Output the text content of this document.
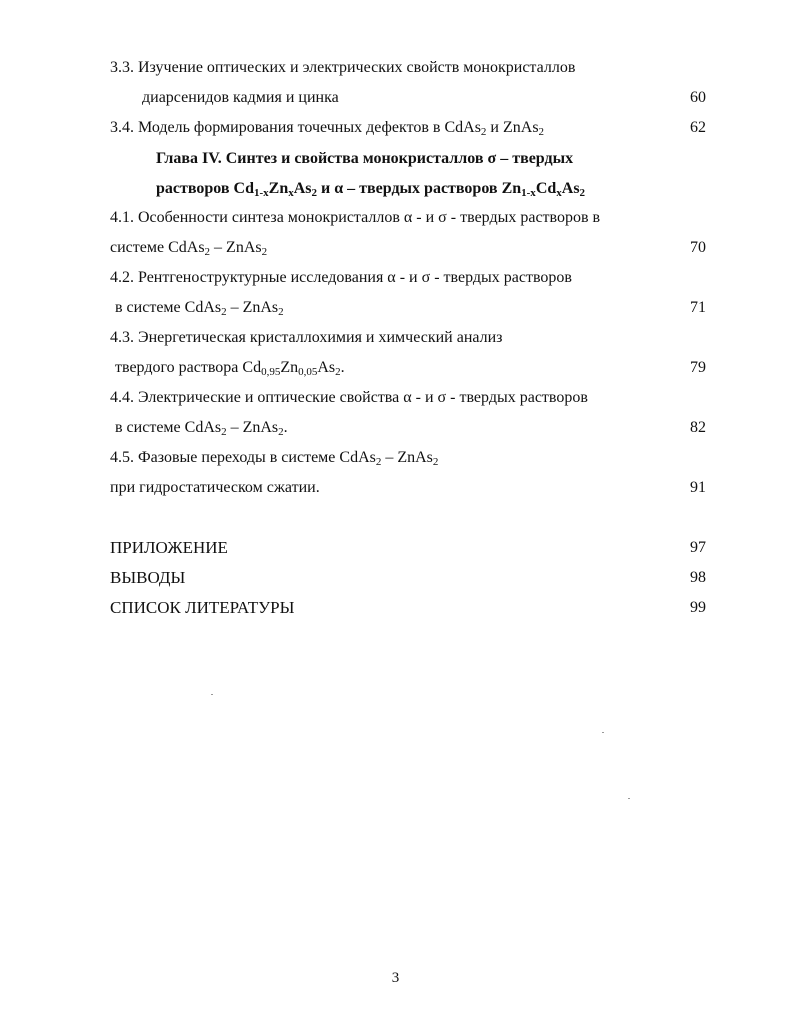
3.3. Изучение оптических и электрических свойств монокристаллов
диарсенидов кадмия и цинка	60
3.4. Модель формирования точечных дефектов в CdAs$_2$ и ZnAs$_2$	62
Глава IV. Синтез и свойства монокристаллов σ – твердых
растворов $Cd_{1-x}Zn_xAs_2$ и α – твердых растворов $Zn_{1-x}Cd_xAs_2$
4.1. Особенности синтеза монокристаллов α - и σ - твердых растворов в
системе CdAs$_2$ – ZnAs$_2$	70
4.2. Рентгеноструктурные исследования α - и σ - твердых растворов
в системе CdAs$_2$ – ZnAs$_2$	71
4.3. Энергетическая кристаллохимия и химческий анализ
твердого раствора $Cd_{0,95}Zn_{0,05}As_2$.	79
4.4. Электрические и оптические свойства α - и σ - твердых растворов
в системе CdAs$_2$ – ZnAs$_2$.	82
4.5. Фазовые переходы в системе CdAs$_2$ – ZnAs$_2$
при гидростатическом сжатии.	91
ПРИЛОЖЕНИЕ	97
ВЫВОДЫ	98
СПИСОК ЛИТЕРАТУРЫ	99
3
